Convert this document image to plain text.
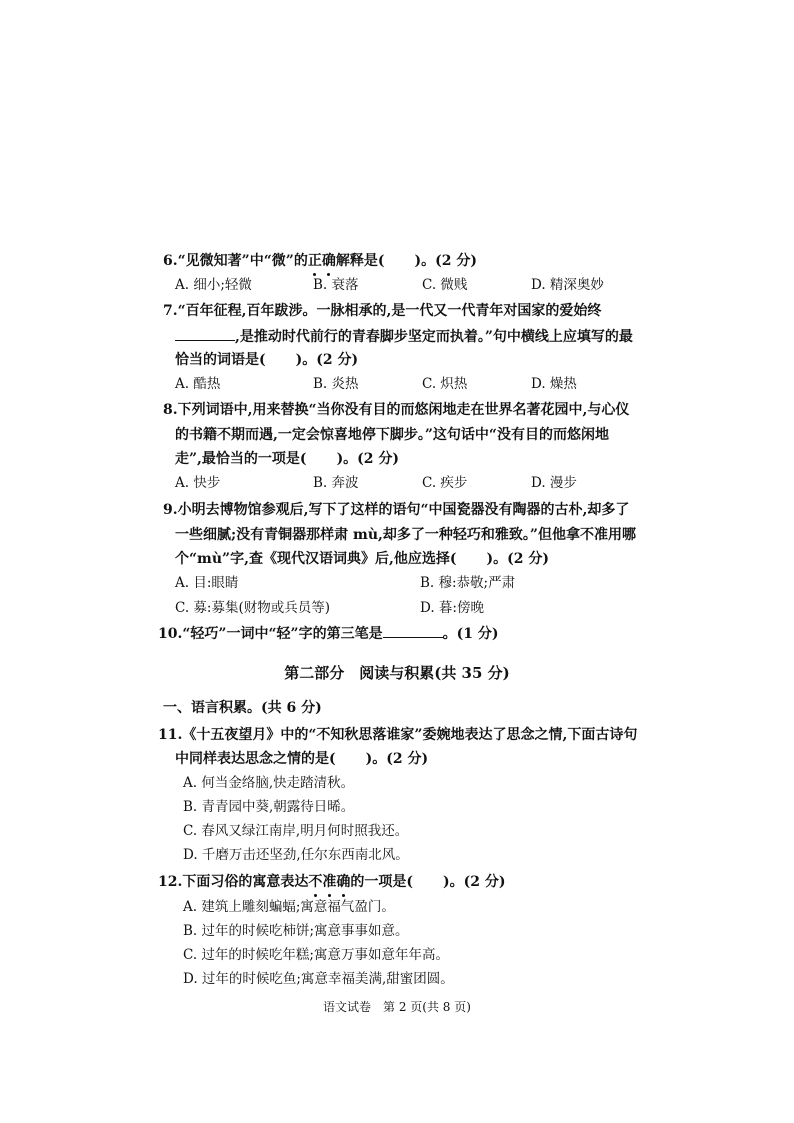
6.“见微知著”中“微”的正确解释是( )。(2 分)
A. 细小;轻微	B. 衰落	C. 微贱	D. 精深奥妙
7.“百年征程,百年跋涉。一脉相承的,是一代又一代青年对国家的爱始终
,是推动时代前行的青春脚步坚定而执着。”句中横线上应填写的最
恰当的词语是( )。(2 分)
A. 酷热	B. 炎热	C. 炽热	D. 燥热
8.下列词语中,用来替换“当你没有目的而悠闲地走在世界名著花园中,与心仪
的书籍不期而遇,一定会惊喜地停下脚步。”这句话中“没有目的而悠闲地
走”,最恰当的一项是( )。(2 分)
A. 快步	B. 奔波	C. 疾步	D. 漫步
9.小明去博物馆参观后,写下了这样的语句“中国瓷器没有陶器的古朴,却多了
一些细腻;没有青铜器那样肃 mù,却多了一种轻巧和雅致。”但他拿不准用哪
个“mù”字,查《现代汉语词典》后,他应选择( )。(2 分)
A. 目:眼睛	B. 穆:恭敬;严肃
C. 募:募集(财物或兵员等)	D. 暮:傍晚
10.“轻巧”一词中“轻”字的第三笔是	。(1 分)
第二部分　阅读与积累(共 35 分)
一、语言积累。(共 6 分)
11.《十五夜望月》中的“不知秋思落谁家”委婉地表达了思念之情,下面古诗句
中同样表达思念之情的是( )。(2 分)
A. 何当金络脑,快走踏清秋。
B. 青青园中葵,朝露待日晞。
C. 春风又绿江南岸,明月何时照我还。
D. 千磨万击还坚劲,任尔东西南北风。
12.下面习俗的寓意表达不准确的一项是( )。(2 分)
A. 建筑上雕刻蝙蝠;寓意福气盈门。
B. 过年的时候吃柿饼;寓意事事如意。
C. 过年的时候吃年糕;寓意万事如意年年高。
D. 过年的时候吃鱼;寓意幸福美满,甜蜜团圆。
语文试卷　第 2 页(共 8 页)
